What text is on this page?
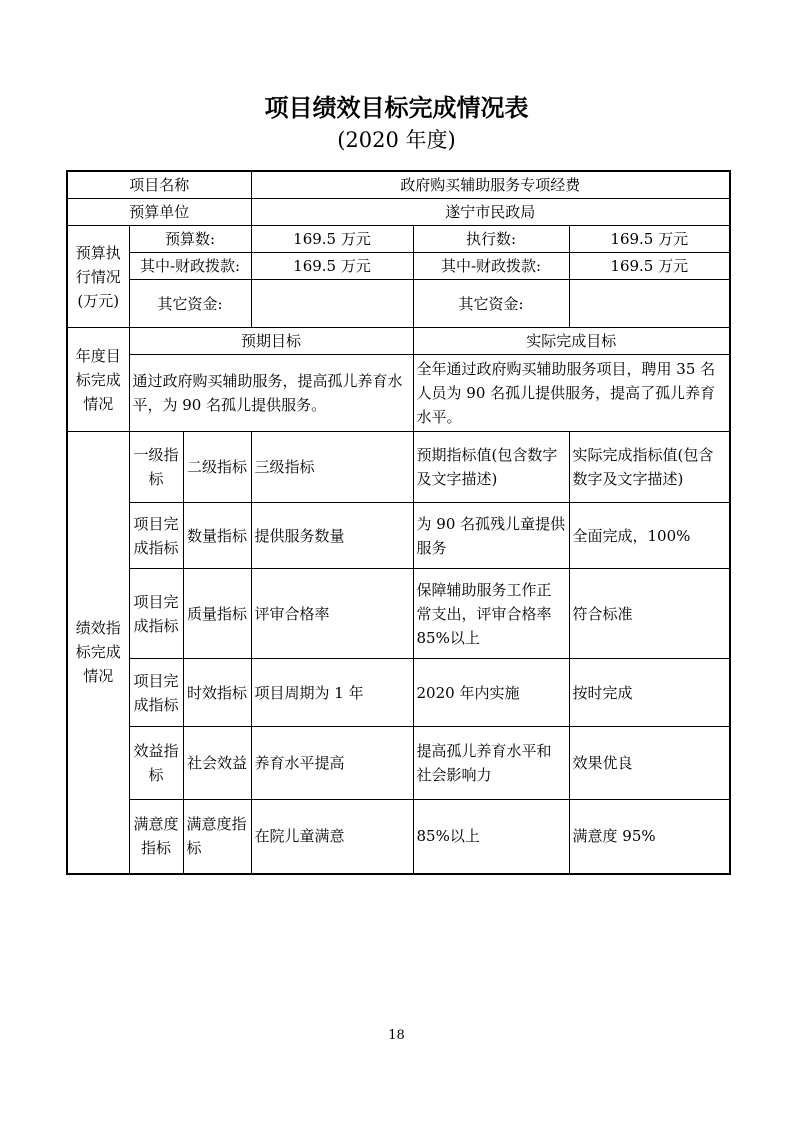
项目绩效目标完成情况表
(2020 年度)
项目名称			政府购买辅助服务专项经费		
预算单位			遂宁市民政局		
预算执行情况(万元)	预算数:		169.5 万元	执行数:	169.5 万元
	其中-财政拨款:		169.5 万元	其中-财政拨款:	169.5 万元
	其它资金:			其它资金:	
年度目标完成情况	预期目标			实际完成目标	
	通过政府购买辅助服务，提高孤儿养育水平，为 90 名孤儿提供服务。			全年通过政府购买辅助服务项目，聘用 35 名人员为 90 名孤儿提供服务，提高了孤儿养育水平。	
绩效指标完成情况	一级指标	二级指标	三级指标	预期指标值(包含数字及文字描述)	实际完成指标值(包含数字及文字描述)
	项目完成指标	数量指标	提供服务数量	为 90 名孤残儿童提供服务	全面完成，100%
	项目完成指标	质量指标	评审合格率	保障辅助服务工作正常支出，评审合格率85%以上	符合标准
	项目完成指标	时效指标	项目周期为 1 年	2020 年内实施	按时完成
	效益指标	社会效益	养育水平提高	提高孤儿养育水平和社会影响力	效果优良
	满意度指标	满意度指标	在院儿童满意	85%以上	满意度 95%
18
